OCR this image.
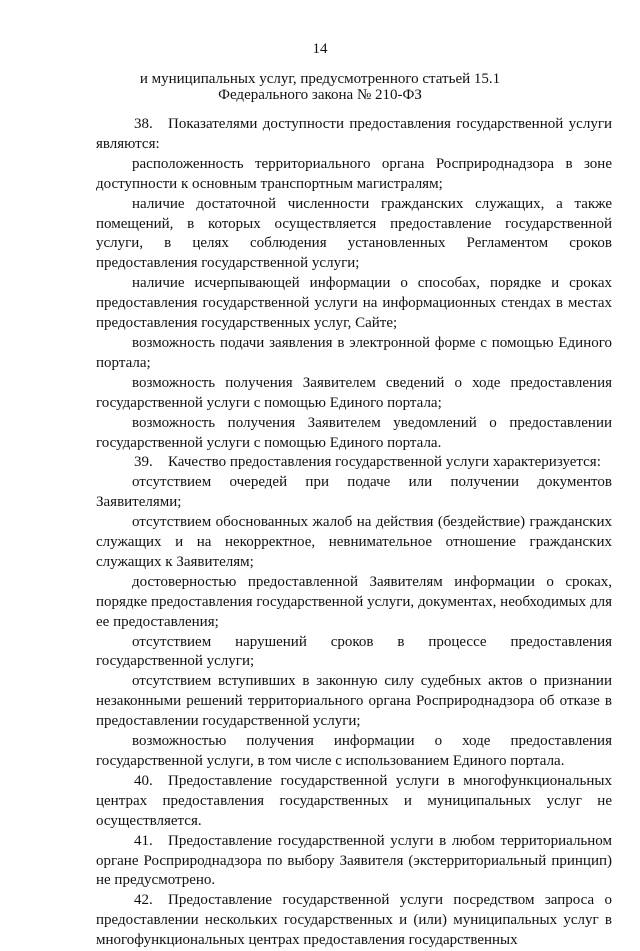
14
и муниципальных услуг, предусмотренного статьей 15.1
Федерального закона № 210-ФЗ

38. Показателями доступности предоставления государственной услуги являются:

расположенность территориального органа Росприроднадзора в зоне доступности к основным транспортным магистралям;

наличие достаточной численности гражданских служащих, а также помещений, в которых осуществляется предоставление государственной услуги, в целях соблюдения установленных Регламентом сроков предоставления государственной услуги;

наличие исчерпывающей информации о способах, порядке и сроках предоставления государственной услуги на информационных стендах в местах предоставления государственных услуг, Сайте;

возможность подачи заявления в электронной форме с помощью Единого портала;

возможность получения Заявителем сведений о ходе предоставления государственной услуги с помощью Единого портала;

возможность получения Заявителем уведомлений о предоставлении государственной услуги с помощью Единого портала.

39. Качество предоставления государственной услуги характеризуется:

отсутствием очередей при подаче или получении документов Заявителями;

отсутствием обоснованных жалоб на действия (бездействие) гражданских служащих и на некорректное, невнимательное отношение гражданских служащих к Заявителям;

достоверностью предоставленной Заявителям информации о сроках, порядке предоставления государственной услуги, документах, необходимых для ее предоставления;

отсутствием нарушений сроков в процессе предоставления государственной услуги;

отсутствием вступивших в законную силу судебных актов о признании незаконными решений территориального органа Росприроднадзора об отказе в предоставлении государственной услуги;

возможностью получения информации о ходе предоставления государственной услуги, в том числе с использованием Единого портала.

40. Предоставление государственной услуги в многофункциональных центрах предоставления государственных и муниципальных услуг не осуществляется.

41. Предоставление государственной услуги в любом территориальном органе Росприроднадзора по выбору Заявителя (экстерриториальный принцип) не предусмотрено.

42. Предоставление государственной услуги посредством запроса о предоставлении нескольких государственных и (или) муниципальных услуг в многофункциональных центрах предоставления государственных
